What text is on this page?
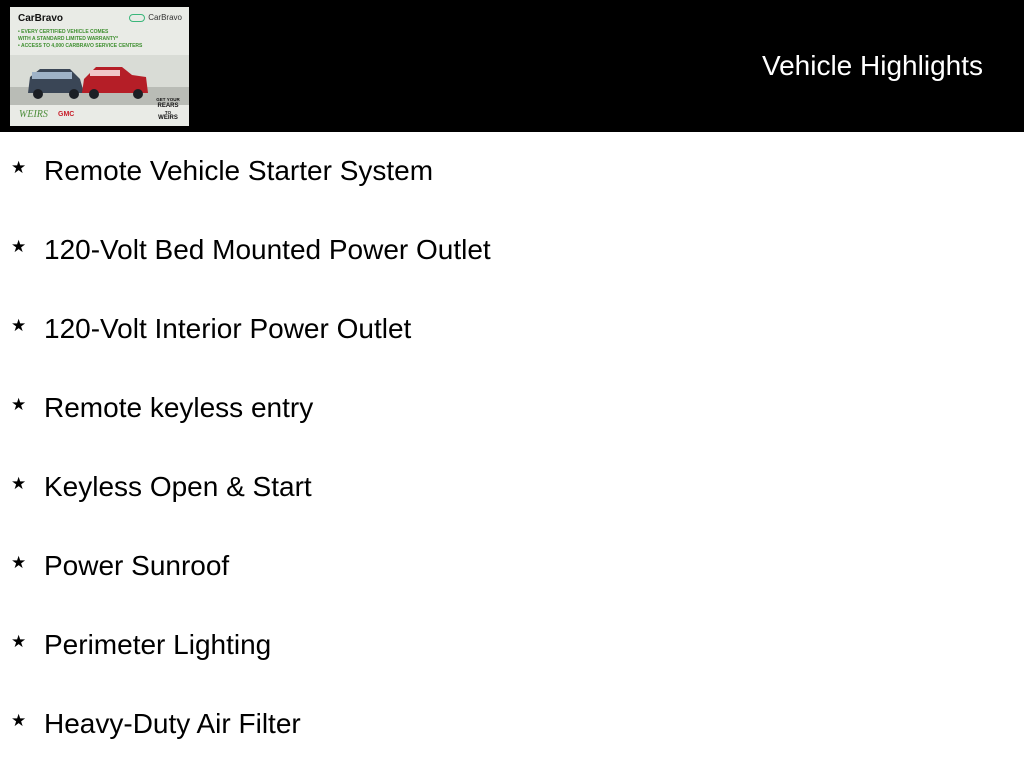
CarBravo	CarBravo
• EVERY CERTIFIED VEHICLE COMES
WITH A STANDARD LIMITED WARRANTY*
• ACCESS TO 4,000 CARBRAVO SERVICE CENTERS
WEIRS GMC
GET YOUR
REARS
TO
WEIRS
Vehicle Highlights
★ Remote Vehicle Starter System
★ 120-Volt Bed Mounted Power Outlet
★ 120-Volt Interior Power Outlet
★ Remote keyless entry
★ Keyless Open & Start
★ Power Sunroof
★ Perimeter Lighting
★ Heavy-Duty Air Filter
